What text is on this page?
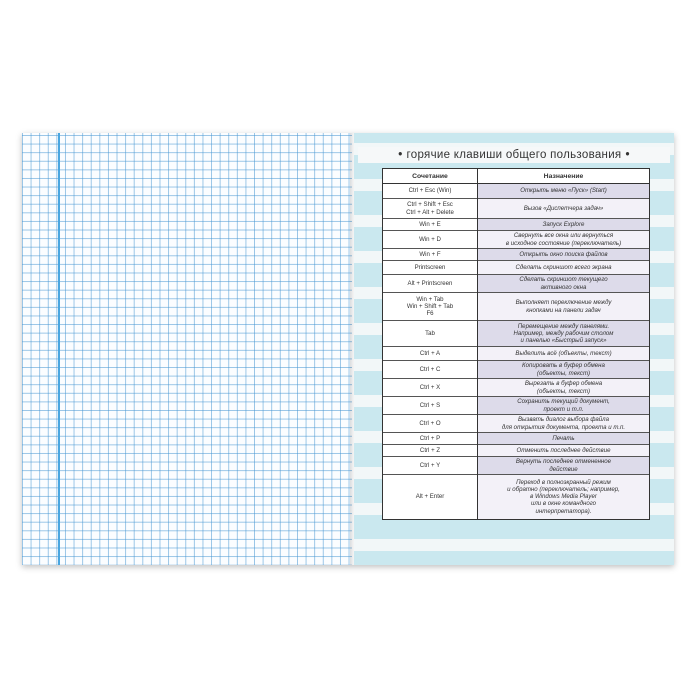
• горячие клавиши общего пользования •
Сочетание	Назначение

Ctrl + Esc (Win)	Открыть меню «Пуск» (Start)

Ctrl + Shift + Esc
Ctrl + Alt + Delete	Вызов «Диспетчера задач»

Win + E	Запуск Explore

Win + D	Свернуть все окна или вернуться
в исходное состояние (переключатель)

Win + F	Открыть окно поиска файлов

Printscreen	Сделать скриншот всего экрана

Alt + Printscreen	Сделать скриншот текущего
активного окна

Win + Tab
Win + Shift + Tab
F6	Выполняет переключение между
кнопками на панели задач

Tab	Перемещение между панелями.
Например, между рабочим столом
и панелью «Быстрый запуск»

Ctrl + A	Выделить всё (объекты, текст)

Ctrl + C	Копировать в буфер обмена
(объекты, текст)

Ctrl + X	Вырезать в буфер обмена
(объекты, текст)

Ctrl + S	Сохранить текущий документ,
проект и т.п.

Ctrl + O	Вызвать диалог выбора файла
для открытия документа, проекта и т.п.

Ctrl + P	Печать

Ctrl + Z	Отменить последнее действие

Ctrl + Y	Вернуть последнее отмененное
действие

Alt + Enter	Переход в полноэкранный режим
и обратно (переключатель; например,
в Windows Media Player
или в окне командного
интерпретатора).
